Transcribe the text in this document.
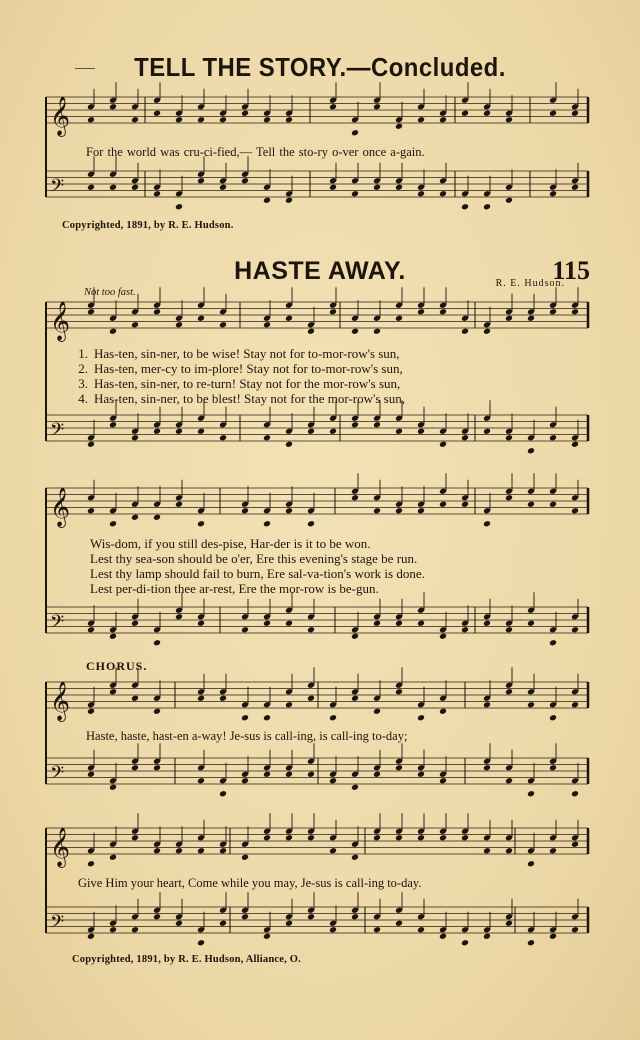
TELL THE STORY.—Concluded.
𝄞
𝄢
𝄞
𝄢
𝄞
𝄢
𝄞
𝄢
𝄞
𝄢
For the world was cru-ci-fied,— Tell the sto-ry o-ver once a-gain.
Copyrighted, 1891, by R. E. Hudson.
HASTE AWAY.	115
R. E. Hudson.
Not too fast.
1. Has-ten, sin-ner, to be wise! Stay not for to-mor-row's sun,
2. Has-ten, mer-cy to im-plore! Stay not for to-mor-row's sun,
3. Has-ten, sin-ner, to re-turn! Stay not for the mor-row's sun,
4. Has-ten, sin-ner, to be blest! Stay not for the mor-row's sun,
Wis-dom, if you still des-pise, Har-der is it to be won.
Lest thy sea-son should be o'er, Ere this evening's stage be run.
Lest thy lamp should fail to burn, Ere sal-va-tion's work is done.
Lest per-di-tion thee ar-rest, Ere the mor-row is be-gun.
CHORUS.
Haste, haste, hast-en a-way! Je-sus is call-ing, is call-ing to-day;
Give Him your heart, Come while you may, Je-sus is call-ing to-day.
Copyrighted, 1891, by R. E. Hudson, Alliance, O.
